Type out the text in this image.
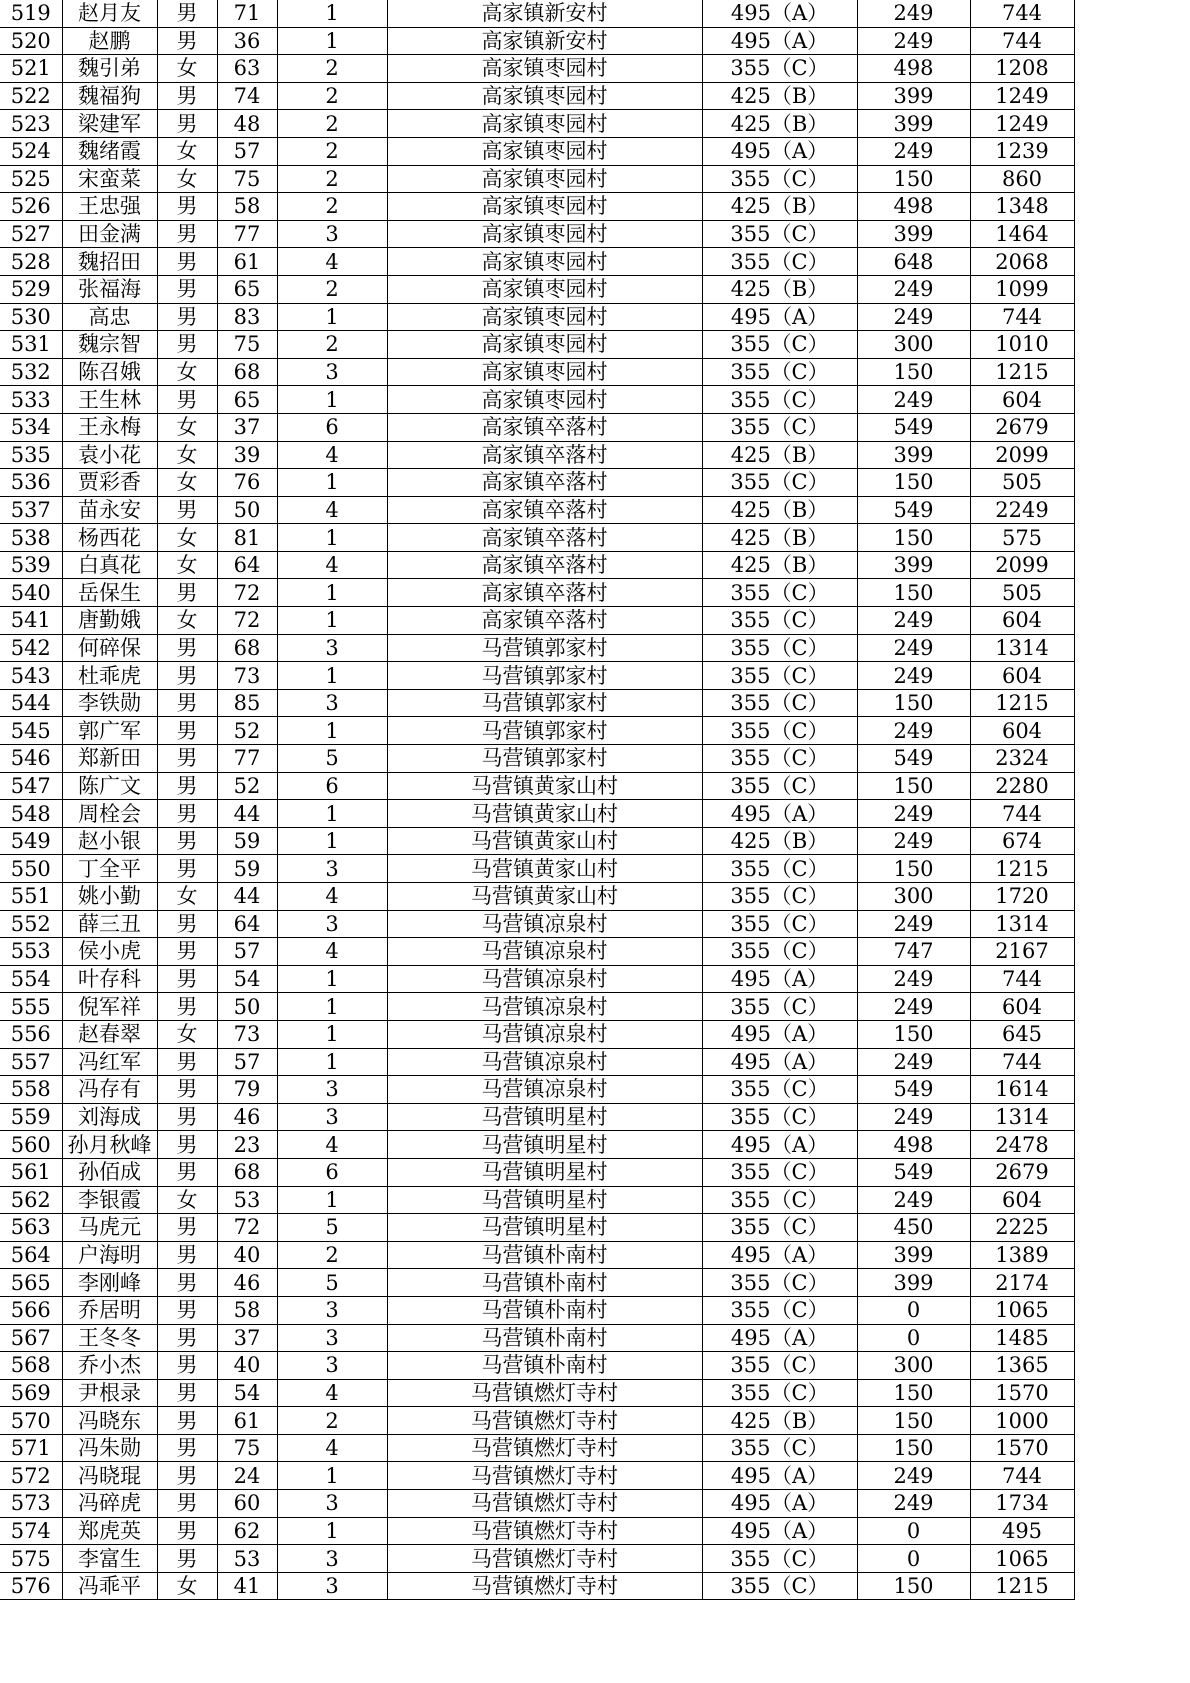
519	赵月友	男	71	1	高家镇新安村	495（A）	249	744
520	赵鹏	男	36	1	高家镇新安村	495（A）	249	744
521	魏引弟	女	63	2	高家镇枣园村	355（C）	498	1208
522	魏福狗	男	74	2	高家镇枣园村	425（B）	399	1249
523	梁建军	男	48	2	高家镇枣园村	425（B）	399	1249
524	魏绪霞	女	57	2	高家镇枣园村	495（A）	249	1239
525	宋蛮菜	女	75	2	高家镇枣园村	355（C）	150	860
526	王忠强	男	58	2	高家镇枣园村	425（B）	498	1348
527	田金满	男	77	3	高家镇枣园村	355（C）	399	1464
528	魏招田	男	61	4	高家镇枣园村	355（C）	648	2068
529	张福海	男	65	2	高家镇枣园村	425（B）	249	1099
530	高忠	男	83	1	高家镇枣园村	495（A）	249	744
531	魏宗智	男	75	2	高家镇枣园村	355（C）	300	1010
532	陈召娥	女	68	3	高家镇枣园村	355（C）	150	1215
533	王生林	男	65	1	高家镇枣园村	355（C）	249	604
534	王永梅	女	37	6	高家镇卒落村	355（C）	549	2679
535	袁小花	女	39	4	高家镇卒落村	425（B）	399	2099
536	贾彩香	女	76	1	高家镇卒落村	355（C）	150	505
537	苗永安	男	50	4	高家镇卒落村	425（B）	549	2249
538	杨西花	女	81	1	高家镇卒落村	425（B）	150	575
539	白真花	女	64	4	高家镇卒落村	425（B）	399	2099
540	岳保生	男	72	1	高家镇卒落村	355（C）	150	505
541	唐勤娥	女	72	1	高家镇卒落村	355（C）	249	604
542	何碎保	男	68	3	马营镇郭家村	355（C）	249	1314
543	杜乖虎	男	73	1	马营镇郭家村	355（C）	249	604
544	李铁勋	男	85	3	马营镇郭家村	355（C）	150	1215
545	郭广军	男	52	1	马营镇郭家村	355（C）	249	604
546	郑新田	男	77	5	马营镇郭家村	355（C）	549	2324
547	陈广文	男	52	6	马营镇黄家山村	355（C）	150	2280
548	周栓会	男	44	1	马营镇黄家山村	495（A）	249	744
549	赵小银	男	59	1	马营镇黄家山村	425（B）	249	674
550	丁全平	男	59	3	马营镇黄家山村	355（C）	150	1215
551	姚小勤	女	44	4	马营镇黄家山村	355（C）	300	1720
552	薛三丑	男	64	3	马营镇凉泉村	355（C）	249	1314
553	侯小虎	男	57	4	马营镇凉泉村	355（C）	747	2167
554	叶存科	男	54	1	马营镇凉泉村	495（A）	249	744
555	倪军祥	男	50	1	马营镇凉泉村	355（C）	249	604
556	赵春翠	女	73	1	马营镇凉泉村	495（A）	150	645
557	冯红军	男	57	1	马营镇凉泉村	495（A）	249	744
558	冯存有	男	79	3	马营镇凉泉村	355（C）	549	1614
559	刘海成	男	46	3	马营镇明星村	355（C）	249	1314
560	孙月秋峰	男	23	4	马营镇明星村	495（A）	498	2478
561	孙佰成	男	68	6	马营镇明星村	355（C）	549	2679
562	李银霞	女	53	1	马营镇明星村	355（C）	249	604
563	马虎元	男	72	5	马营镇明星村	355（C）	450	2225
564	户海明	男	40	2	马营镇朴南村	495（A）	399	1389
565	李刚峰	男	46	5	马营镇朴南村	355（C）	399	2174
566	乔居明	男	58	3	马营镇朴南村	355（C）	0	1065
567	王冬冬	男	37	3	马营镇朴南村	495（A）	0	1485
568	乔小杰	男	40	3	马营镇朴南村	355（C）	300	1365
569	尹根录	男	54	4	马营镇燃灯寺村	355（C）	150	1570
570	冯晓东	男	61	2	马营镇燃灯寺村	425（B）	150	1000
571	冯朱勋	男	75	4	马营镇燃灯寺村	355（C）	150	1570
572	冯晓琨	男	24	1	马营镇燃灯寺村	495（A）	249	744
573	冯碎虎	男	60	3	马营镇燃灯寺村	495（A）	249	1734
574	郑虎英	男	62	1	马营镇燃灯寺村	495（A）	0	495
575	李富生	男	53	3	马营镇燃灯寺村	355（C）	0	1065
576	冯乖平	女	41	3	马营镇燃灯寺村	355（C）	150	1215
